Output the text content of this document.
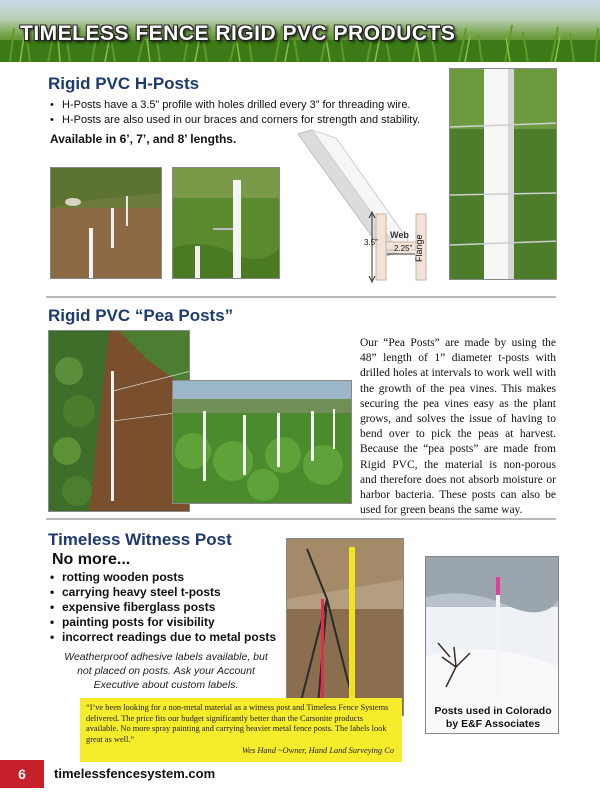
TIMELESS FENCE RIGID PVC PRODUCTS
Rigid PVC H-Posts
• H-Posts have a 3.5” profile with holes drilled every 3” for threading wire.
• H-Posts are also used in our braces and corners for strength and stability.
Available in 6’, 7’, and 8’ lengths.
3.5”
Web
2.25” Flange
Rigid PVC “Pea Posts”
Our “Pea Posts” are made by using the 48” length of 1” diameter t-posts with drilled holes at intervals to work well with the growth of the pea vines. This makes securing the pea vines easy as the plant grows, and solves the issue of having to bend over to pick the peas at harvest. Because the “pea posts” are made from Rigid PVC, the material is non-porous and therefore does not absorb moisture or harbor bacteria. These posts can also be used for green beans the same way.
Timeless Witness Post
No more...
• rotting wooden posts
• carrying heavy steel t-posts
• expensive fiberglass posts
• painting posts for visibility
• incorrect readings due to metal posts
Weatherproof adhesive labels available, but not placed on posts. Ask your Account Executive about custom labels.
Posts used in Colorado by E&F Associates
“I’ve been looking for a non-metal material as a witness post and Timeless Fence Systems delivered. The price fits our budget significantly better than the Carsonite products available. No more spray painting and carrying heavier metal fence posts. The labels look great as well.”
Wes Hand ~Owner, Hand Land Surveying Co
6	timelessfencesystem.com
